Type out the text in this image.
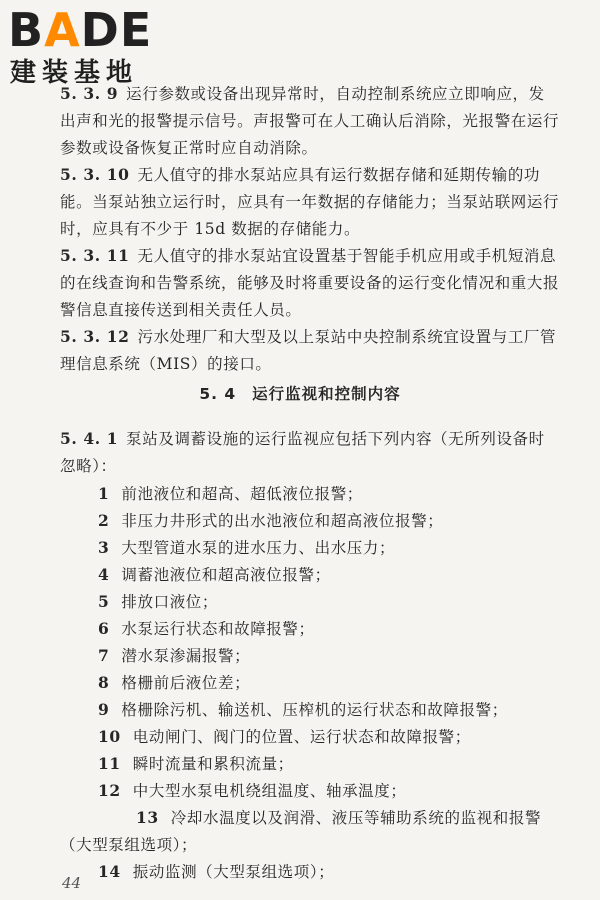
BADE
建装基地
5. 3. 9 运行参数或设备出现异常时，自动控制系统应立即响应，发出声和光的报警提示信号。声报警可在人工确认后消除，光报警在运行参数或设备恢复正常时应自动消除。
5. 3. 10 无人值守的排水泵站应具有运行数据存储和延期传输的功能。当泵站独立运行时，应具有一年数据的存储能力；当泵站联网运行时，应具有不少于 15d 数据的存储能力。
5. 3. 11 无人值守的排水泵站宜设置基于智能手机应用或手机短消息的在线查询和告警系统，能够及时将重要设备的运行变化情况和重大报警信息直接传送到相关责任人员。
5. 3. 12 污水处理厂和大型及以上泵站中央控制系统宜设置与工厂管理信息系统（MIS）的接口。
5. 4 运行监视和控制内容
5. 4. 1 泵站及调蓄设施的运行监视应包括下列内容（无所列设备时忽略）：
1 前池液位和超高、超低液位报警；
2 非压力井形式的出水池液位和超高液位报警；
3 大型管道水泵的进水压力、出水压力；
4 调蓄池液位和超高液位报警；
5 排放口液位；
6 水泵运行状态和故障报警；
7 潜水泵渗漏报警；
8 格栅前后液位差；
9 格栅除污机、输送机、压榨机的运行状态和故障报警；
10 电动闸门、阀门的位置、运行状态和故障报警；
11 瞬时流量和累积流量；
12 中大型水泵电机绕组温度、轴承温度；
13 冷却水温度以及润滑、液压等辅助系统的监视和报警（大型泵组选项）；
14 振动监测（大型泵组选项）；
44
